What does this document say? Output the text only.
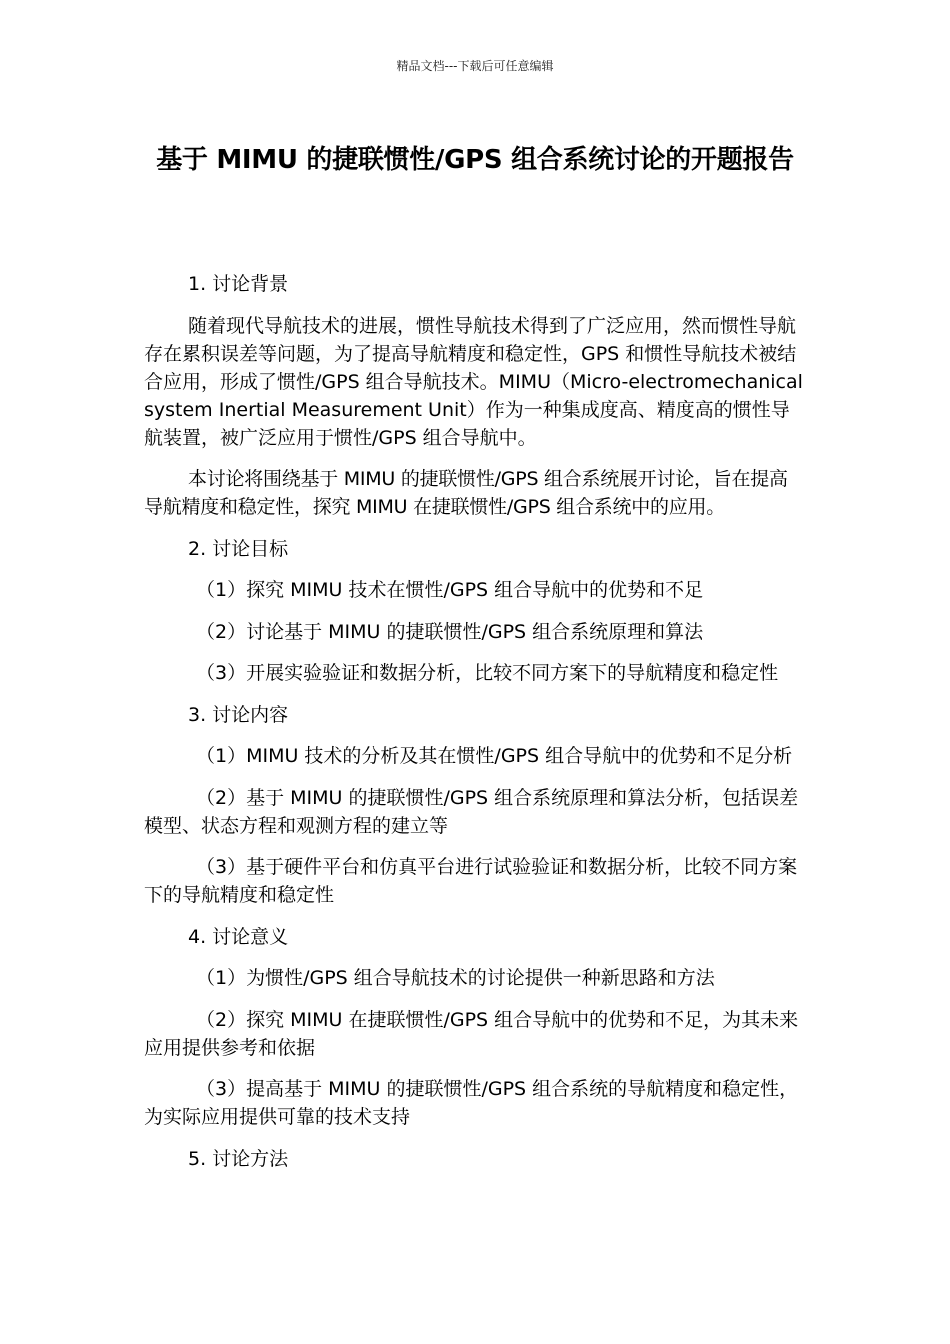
精品文档---下载后可任意编辑
基于 MIMU 的捷联惯性/GPS 组合系统讨论的开题报告

1. 讨论背景

随着现代导航技术的进展，惯性导航技术得到了广泛应用，然而惯性导航存在累积误差等问题，为了提高导航精度和稳定性，GPS 和惯性导航技术被结合应用，形成了惯性/GPS 组合导航技术。MIMU（Micro-electromechanical system Inertial Measurement Unit）作为一种集成度高、精度高的惯性导航装置，被广泛应用于惯性/GPS 组合导航中。

本讨论将围绕基于 MIMU 的捷联惯性/GPS 组合系统展开讨论，旨在提高导航精度和稳定性，探究 MIMU 在捷联惯性/GPS 组合系统中的应用。

2. 讨论目标

（1）探究 MIMU 技术在惯性/GPS 组合导航中的优势和不足

（2）讨论基于 MIMU 的捷联惯性/GPS 组合系统原理和算法

（3）开展实验验证和数据分析，比较不同方案下的导航精度和稳定性

3. 讨论内容

（1）MIMU 技术的分析及其在惯性/GPS 组合导航中的优势和不足分析

（2）基于 MIMU 的捷联惯性/GPS 组合系统原理和算法分析，包括误差模型、状态方程和观测方程的建立等

（3）基于硬件平台和仿真平台进行试验验证和数据分析，比较不同方案下的导航精度和稳定性

4. 讨论意义

（1）为惯性/GPS 组合导航技术的讨论提供一种新思路和方法

（2）探究 MIMU 在捷联惯性/GPS 组合导航中的优势和不足，为其未来应用提供参考和依据

（3）提高基于 MIMU 的捷联惯性/GPS 组合系统的导航精度和稳定性，为实际应用提供可靠的技术支持

5. 讨论方法
